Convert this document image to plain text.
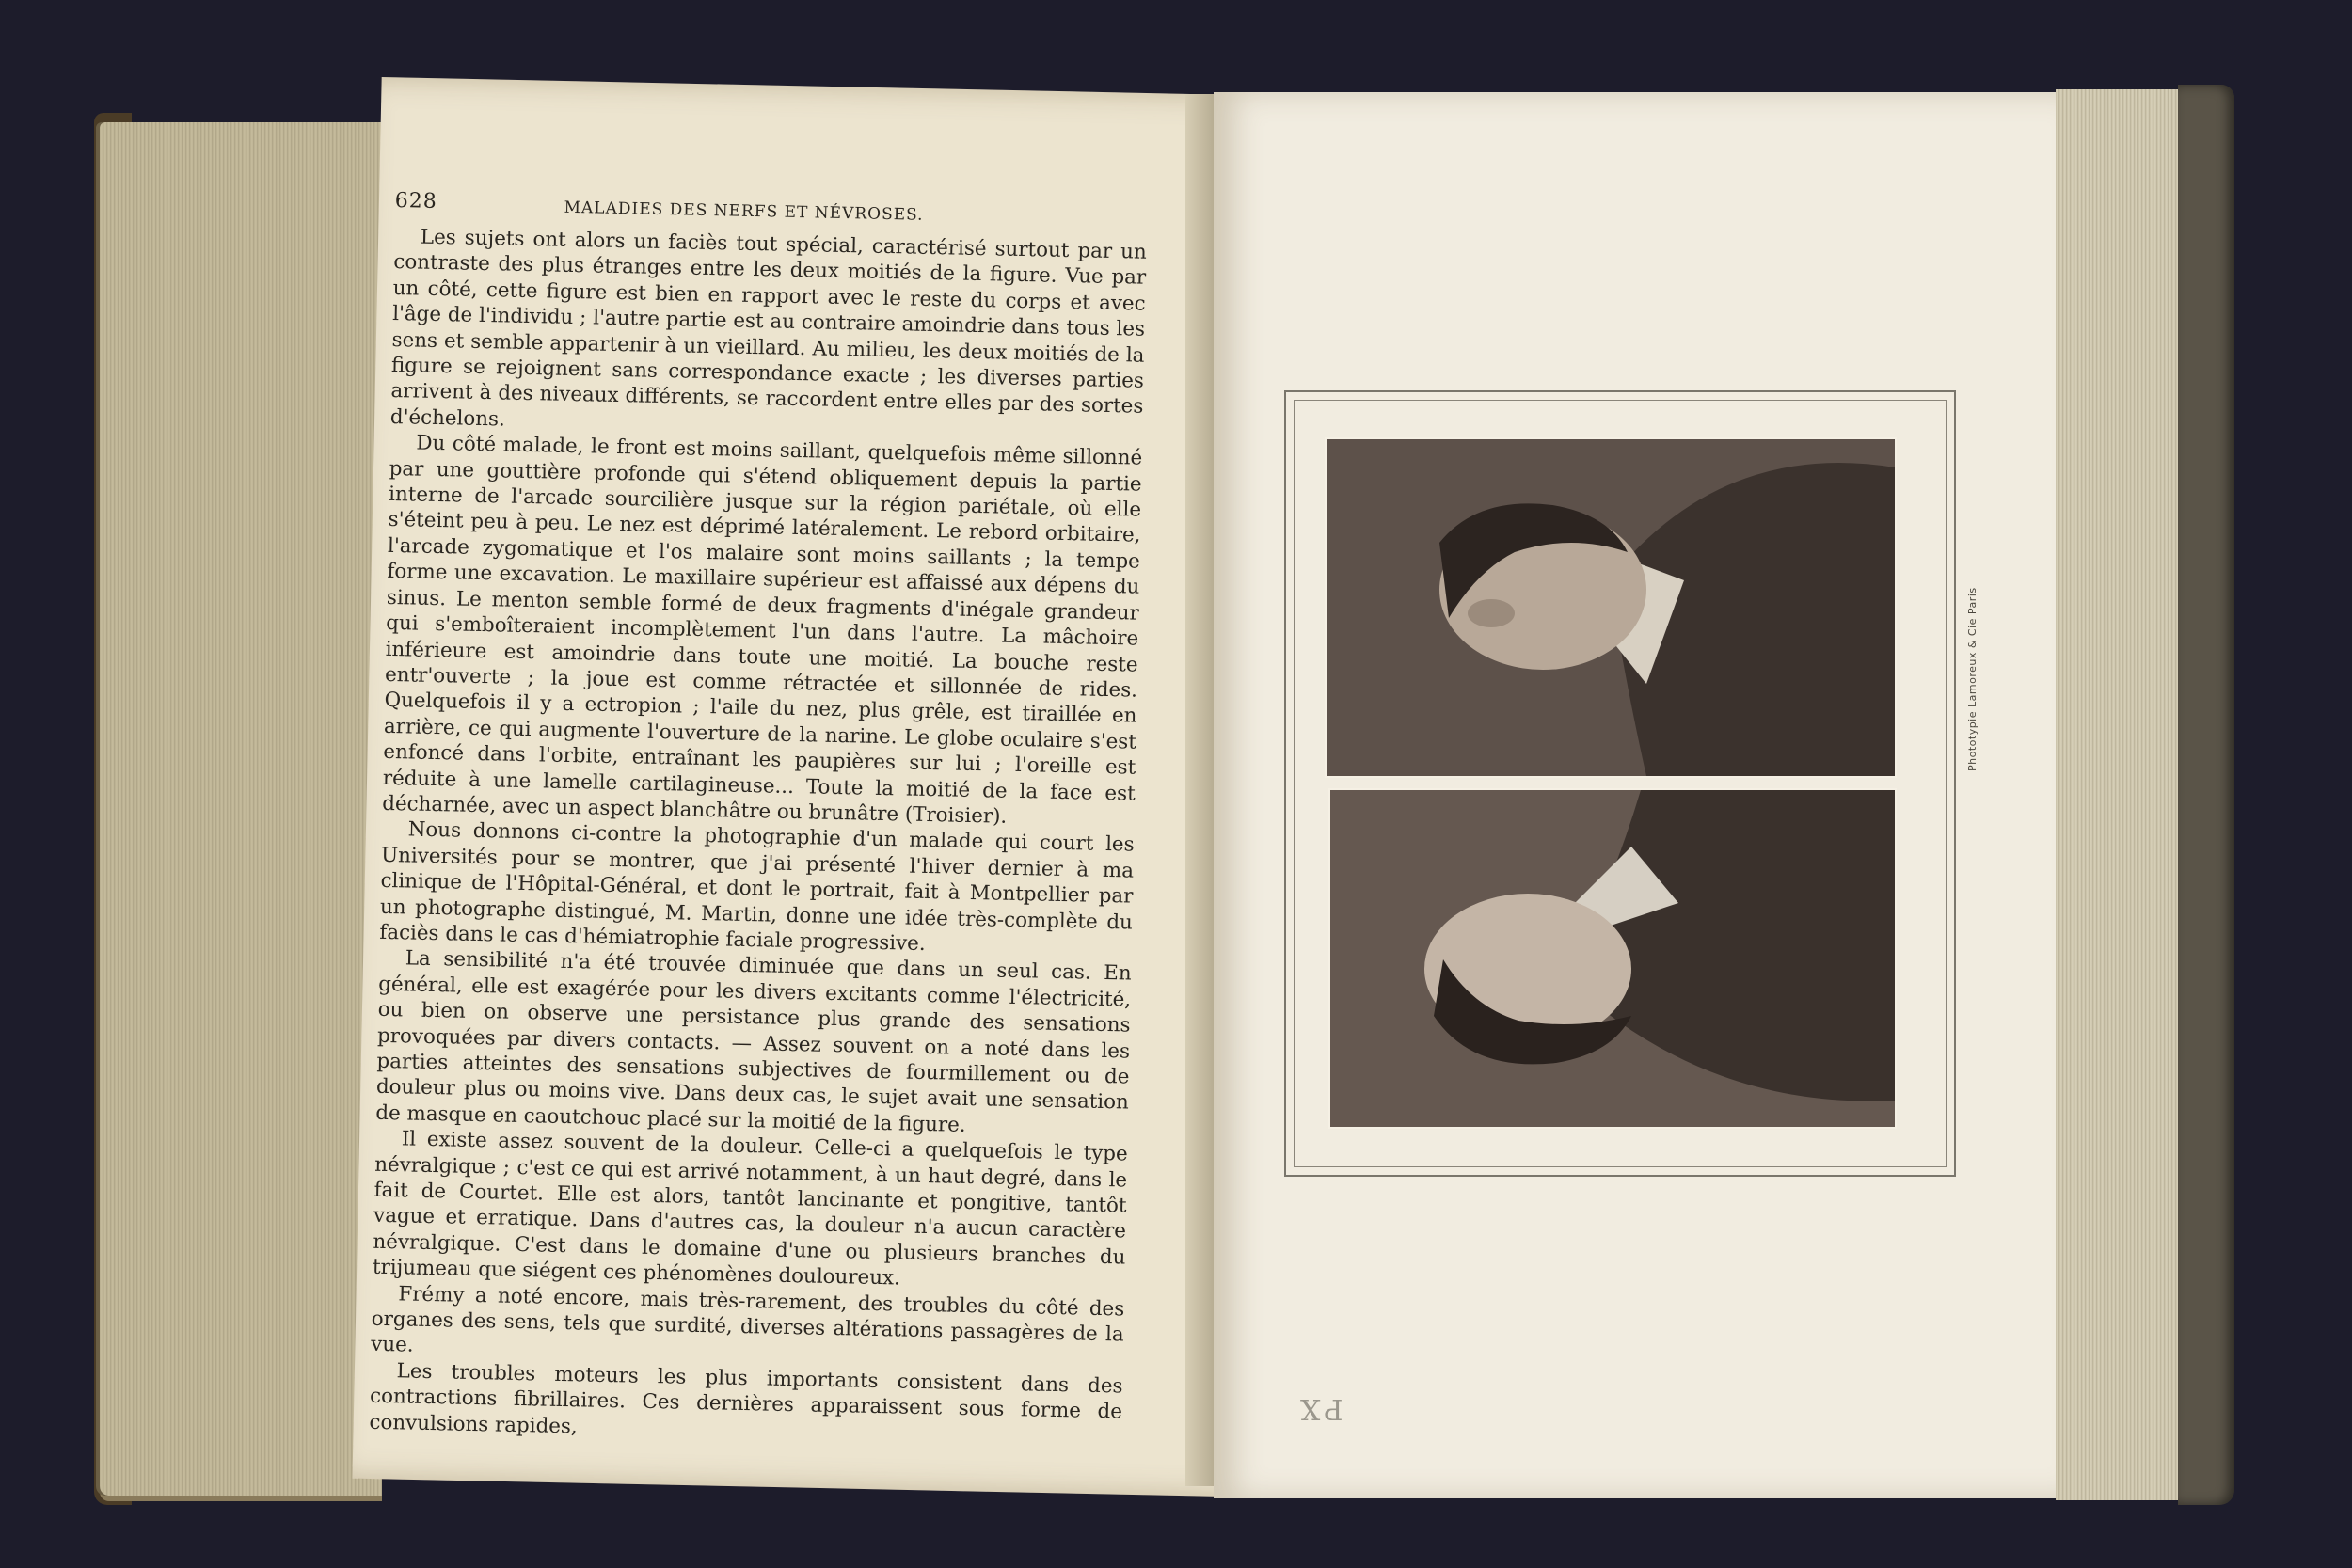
628	MALADIES DES NERFS ET NÉVROSES.

Les sujets ont alors un faciès tout spécial, caractérisé surtout par un contraste des plus étranges entre les deux moitiés de la figure. Vue par un côté, cette figure est bien en rapport avec le reste du corps et avec l'âge de l'individu ; l'autre partie est au contraire amoindrie dans tous les sens et semble appartenir à un vieillard. Au milieu, les deux moitiés de la figure se rejoignent sans correspondance exacte ; les diverses parties arrivent à des niveaux différents, se raccordent entre elles par des sortes d'échelons.

Du côté malade, le front est moins saillant, quelquefois même sillonné par une gouttière profonde qui s'étend obliquement depuis la partie interne de l'arcade sourcilière jusque sur la région pariétale, où elle s'éteint peu à peu. Le nez est déprimé latéralement. Le rebord orbitaire, l'arcade zygomatique et l'os malaire sont moins saillants ; la tempe forme une excavation. Le maxillaire supérieur est affaissé aux dépens du sinus. Le menton semble formé de deux fragments d'inégale grandeur qui s'emboîteraient incomplètement l'un dans l'autre. La mâchoire inférieure est amoindrie dans toute une moitié. La bouche reste entr'ouverte ; la joue est comme rétractée et sillonnée de rides. Quelquefois il y a ectropion ; l'aile du nez, plus grêle, est tiraillée en arrière, ce qui augmente l'ouverture de la narine. Le globe oculaire s'est enfoncé dans l'orbite, entraînant les paupières sur lui ; l'oreille est réduite à une lamelle cartilagineuse... Toute la moitié de la face est décharnée, avec un aspect blanchâtre ou brunâtre (Troisier).

Nous donnons ci-contre la photographie d'un malade qui court les Universités pour se montrer, que j'ai présenté l'hiver dernier à ma clinique de l'Hôpital-Général, et dont le portrait, fait à Montpellier par un photographe distingué, M. Martin, donne une idée très-complète du faciès dans le cas d'hémiatrophie faciale progressive.

La sensibilité n'a été trouvée diminuée que dans un seul cas. En général, elle est exagérée pour les divers excitants comme l'électricité, ou bien on observe une persistance plus grande des sensations provoquées par divers contacts. — Assez souvent on a noté dans les parties atteintes des sensations subjectives de fourmillement ou de douleur plus ou moins vive. Dans deux cas, le sujet avait une sensation de masque en caoutchouc placé sur la moitié de la figure.

Il existe assez souvent de la douleur. Celle-ci a quelquefois le type névralgique ; c'est ce qui est arrivé notamment, à un haut degré, dans le fait de Courtet. Elle est alors, tantôt lancinante et pongitive, tantôt vague et erratique. Dans d'autres cas, la douleur n'a aucun caractère névralgique. C'est dans le domaine d'une ou plusieurs branches du trijumeau que siégent ces phénomènes douloureux.

Frémy a noté encore, mais très-rarement, des troubles du côté des organes des sens, tels que surdité, diverses altérations passagères de la vue.

Les troubles moteurs les plus importants consistent dans des contractions fibrillaires. Ces dernières apparaissent sous forme de convulsions rapides,

Phototypie Lamoreux & Cie Paris
PX
